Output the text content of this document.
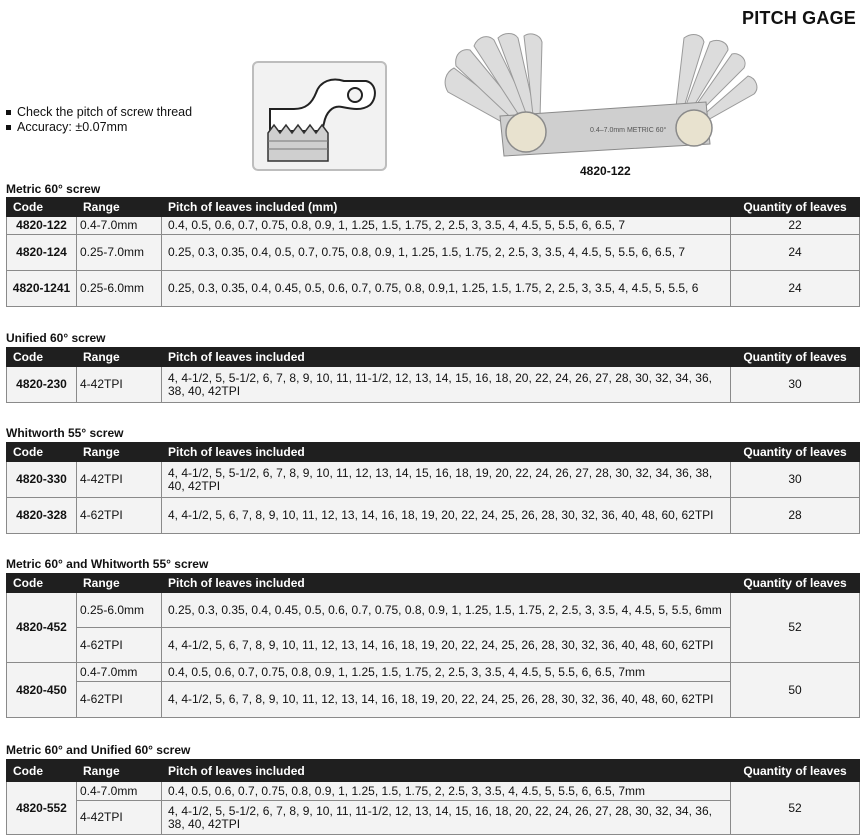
PITCH GAGE
Check the pitch of screw thread
Accuracy: ±0.07mm	0.4–7.0mm METRIC 60°
4820-122
Metric 60° screw
Code	Range	Pitch of leaves included (mm)	Quantity of leaves
4820-122	0.4-7.0mm	0.4, 0.5, 0.6, 0.7, 0.75, 0.8, 0.9, 1, 1.25, 1.5, 1.75, 2, 2.5, 3, 3.5, 4, 4.5, 5, 5.5, 6, 6.5, 7	22
4820-124	0.25-7.0mm	0.25, 0.3, 0.35, 0.4, 0.5, 0.7, 0.75, 0.8, 0.9, 1, 1.25, 1.5, 1.75, 2, 2.5, 3, 3.5, 4, 4.5, 5, 5.5, 6, 6.5, 7	24
4820-1241	0.25-6.0mm	0.25, 0.3, 0.35, 0.4, 0.45, 0.5, 0.6, 0.7, 0.75, 0.8, 0.9,1, 1.25, 1.5, 1.75, 2, 2.5, 3, 3.5, 4, 4.5, 5, 5.5, 6	24
Unified 60° screw
Code	Range	Pitch of leaves included	Quantity of leaves
4820-230	4-42TPI	4, 4-1/2, 5, 5-1/2, 6, 7, 8, 9, 10, 11, 11-1/2, 12, 13, 14, 15, 16, 18, 20, 22, 24, 26, 27, 28, 30, 32, 34, 36, 38, 40, 42TPI	30
Whitworth 55° screw
Code	Range	Pitch of leaves included	Quantity of leaves
4820-330	4-42TPI	4, 4-1/2, 5, 5-1/2, 6, 7, 8, 9, 10, 11, 12, 13, 14, 15, 16, 18, 19, 20, 22, 24, 26, 27, 28, 30, 32, 34, 36, 38, 40, 42TPI	30
4820-328	4-62TPI	4, 4-1/2, 5, 6, 7, 8, 9, 10, 11, 12, 13, 14, 16, 18, 19, 20, 22, 24, 25, 26, 28, 30, 32, 36, 40, 48, 60, 62TPI	28
Metric 60° and Whitworth 55° screw
Code	Range	Pitch of leaves included	Quantity of leaves
4820-452	0.25-6.0mm	0.25, 0.3, 0.35, 0.4, 0.45, 0.5, 0.6, 0.7, 0.75, 0.8, 0.9, 1, 1.25, 1.5, 1.75, 2, 2.5, 3, 3.5, 4, 4.5, 5, 5.5, 6mm	52
	4-62TPI	4, 4-1/2, 5, 6, 7, 8, 9, 10, 11, 12, 13, 14, 16, 18, 19, 20, 22, 24, 25, 26, 28, 30, 32, 36, 40, 48, 60, 62TPI	
4820-450	0.4-7.0mm	0.4, 0.5, 0.6, 0.7, 0.75, 0.8, 0.9, 1, 1.25, 1.5, 1.75, 2, 2.5, 3, 3.5, 4, 4.5, 5, 5.5, 6, 6.5, 7mm	50
	4-62TPI	4, 4-1/2, 5, 6, 7, 8, 9, 10, 11, 12, 13, 14, 16, 18, 19, 20, 22, 24, 25, 26, 28, 30, 32, 36, 40, 48, 60, 62TPI	
Metric 60° and Unified 60° screw
Code	Range	Pitch of leaves included	Quantity of leaves
4820-552	0.4-7.0mm	0.4, 0.5, 0.6, 0.7, 0.75, 0.8, 0.9, 1, 1.25, 1.5, 1.75, 2, 2.5, 3, 3.5, 4, 4.5, 5, 5.5, 6, 6.5, 7mm	52
	4-42TPI	4, 4-1/2, 5, 5-1/2, 6, 7, 8, 9, 10, 11, 11-1/2, 12, 13, 14, 15, 16, 18, 20, 22, 24, 26, 27, 28, 30, 32, 34, 36, 38, 40, 42TPI	
